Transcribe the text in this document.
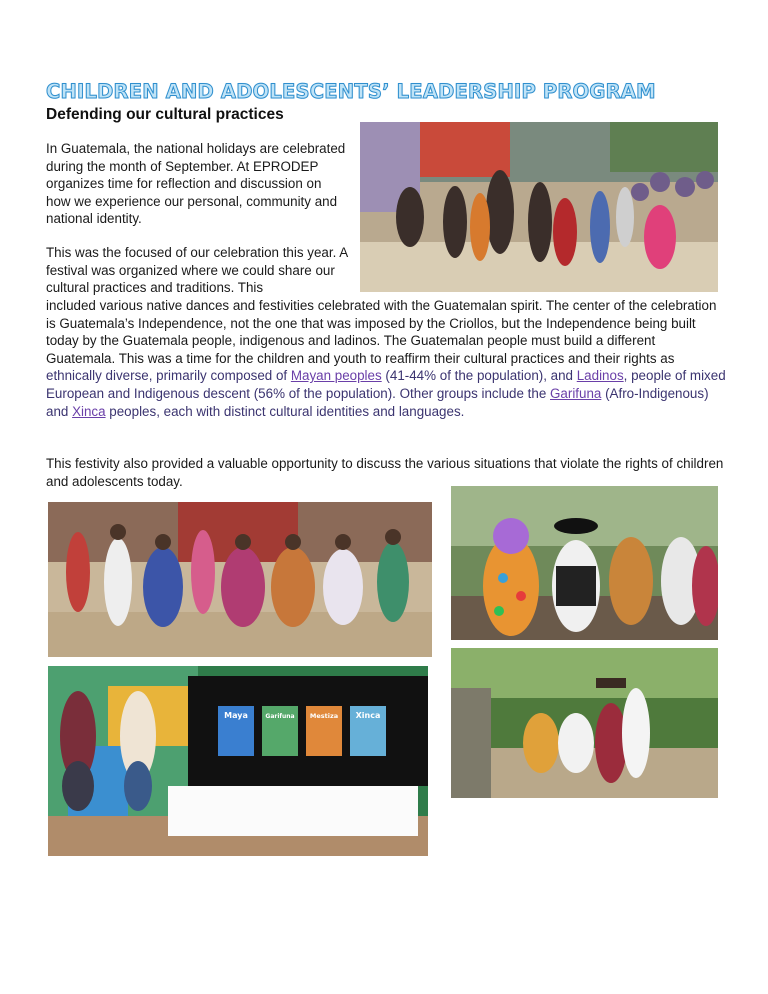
CHILDREN AND ADOLESCENTS’ LEADERSHIP PROGRAM
Defending our cultural practices

In Guatemala, the national holidays are celebrated during the month of September. At EPRODEP organizes time for reflection and discussion on how we experience our personal, community and national identity.

This was the focused of our celebration this year. A festival was organized where we could share our cultural practices and traditions. This

included various native dances and festivities celebrated with the Guatemalan spirit. The center of the celebration is Guatemala’s Independence, not the one that was imposed by the Criollos, but the Independence being built today by the Guatemala people, indigenous and ladinos. The Guatemalan people must build a different Guatemala. This was a time for the children and youth to reaffirm their cultural practices and their rights as ethnically diverse, primarily composed of Mayan peoples (41-44% of the population), and Ladinos, people of mixed European and Indigenous descent (56% of the population). Other groups include the Garifuna (Afro-Indigenous) and Xinca peoples, each with distinct cultural identities and languages.

This festivity also provided a valuable opportunity to discuss the various situations that violate the rights of children and adolescents today.

Maya	Garifuna Mestiza Xinca
